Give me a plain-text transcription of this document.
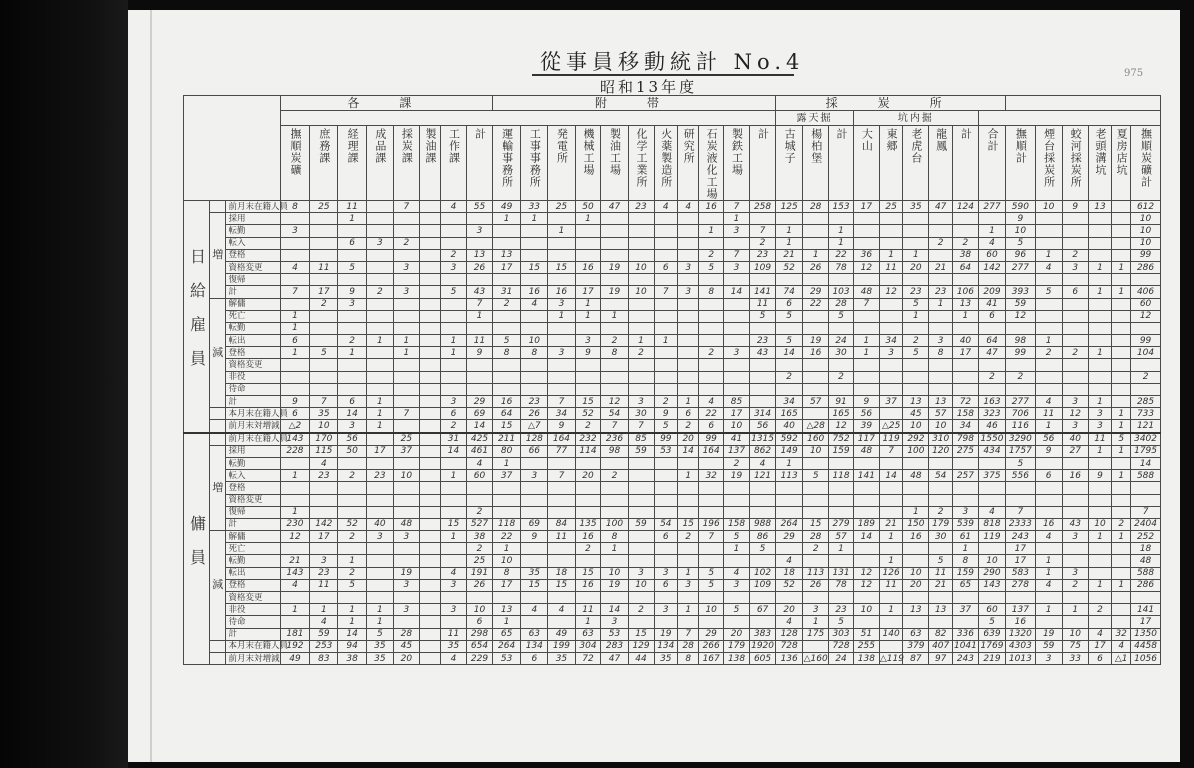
從事員移動統計 No.4
昭和13年度
975
			各　課								附　帯											採　炭　所														
																						露天掘			坑内掘											

			撫順炭礦	庶務課	経理課	成品課	採炭課	製油課	工作課	計	運輸事務所	工事事務所	発電所	機械工場	製油工場	化学工業所	火薬製造所	研究所	石炭液化工場	製鉄工場	計	古城子	楊柏堡	計	大山	東郷	老虎台	龍鳳	計	合計	撫順計	煙台採炭所	蛟河採炭所	老頭溝坑	夏房店坑	撫順炭礦計

日給雇員		前月末在籍人員	8	25	11		7		4	55	49	33	25	50	47	23	4	4	16	7	258	125	28	153	17	25	35	47	124	277	590	10	9	13		612
	増	採用			1						1	1		1						1											9					10
		転勤	3							3			1						1	3	7	1		1						1	10					10
		転入			6	3	2														2	1		1				2	2	4	5					10
		登格							2	13	13								2	7	23	21	1	22	36	1	1		38	60	96	1	2			99
		資格変更	4	11	5		3		3	26	17	15	15	16	19	10	6	3	5	3	109	52	26	78	12	11	20	21	64	142	277	4	3	1	1	286
		復帰																																		
		計	7	17	9	2	3		5	43	31	16	16	17	19	10	7	3	8	14	141	74	29	103	48	12	23	23	106	209	393	5	6	1	1	406
	減	解傭		2	3					7	2	4	3	1							11	6	22	28	7		5	1	13	41	59					60
		死亡	1							1			1	1	1						5	5		5			1		1	6	12					12
		転勤	1																																	
		転出	6		2	1	1		1	11	5	10		3	2	1	1				23	5	19	24	1	34	2	3	40	64	98	1				99
		登格	1	5	1		1		1	9	8	8	3	9	8	2			2	3	43	14	16	30	1	3	5	8	17	47	99	2	2	1		104
		資格変更																																		
		非役																				2		2						2	2					2
		待命																																		
		計	9	7	6	1			3	29	16	23	7	15	12	3	2	1	4	85		34	57	91	9	37	13	13	72	163	277	4	3	1		285
		本月末在籍人員	6	35	14	1	7		6	69	64	26	34	52	54	30	9	6	22	17	314	165		165	56		45	57	158	323	706	11	12	3	1	733
		前月末対増減	△2	10	3	1			2	14	15	△7	9	2	7	7	5	2	6	10	56	40	△28	12	39	△25	10	10	34	46	116	1	3	3	1	121
傭員		前月末在籍人員	143	170	56		25		31	425	211	128	164	232	236	85	99	20	99	41	1315	592	160	752	117	119	292	310	798	1550	3290	56	40	11	5	3402
	増	採用	228	115	50	17	37		14	461	80	66	77	114	98	59	53	14	164	137	862	149	10	159	48	7	100	120	275	434	1757	9	27	1	1	1795
		転勤		4						4	1									2	4	1									5					14
		転入	1	23	2	23	10		1	60	37	3	7	20	2			1	32	19	121	113	5	118	141	14	48	54	257	375	556	6	16	9	1	588
		登格																																		
		資格変更																																		
		復帰	1							2																	1	2	3	4	7					7
		計	230	142	52	40	48		15	527	118	69	84	135	100	59	54	15	196	158	988	264	15	279	189	21	150	179	539	818	2333	16	43	10	2	2404
	減	解傭	12	17	2	3	3		1	38	22	9	11	16	8		6	2	7	5	86	29	28	57	14	1	16	30	61	119	243	4	3	1	1	252
		死亡								2	1			2	1					1	5		2	1					1		17					18
		転勤	21	3	1					25	10											4				1		5	8	10	17	1				48
		転出	143	23	2		19		4	191	8	35	18	15	10	3	3	1	5	4	102	18	113	131	12	126	10	11	159	290	583	1	3			588
		登格	4	11	5		3		3	26	17	15	15	16	19	10	6	3	5	3	109	52	26	78	12	11	20	21	65	143	278	4	2	1	1	286
		資格変更																																		
		非役	1	1	1	1	3		3	10	13	4	4	11	14	2	3	1	10	5	67	20	3	23	10	1	13	13	37	60	137	1	1	2		141
		待命		4	1	1				6	1			1	3							4	1	5						5	16					17
		計	181	59	14	5	28		11	298	65	63	49	63	53	15	19	7	29	20	383	128	175	303	51	140	63	82	336	639	1320	19	10	4	32	1350
		本月末在籍人員	192	253	94	35	45		35	654	264	134	199	304	283	129	134	28	266	179	1920	728		728	255		379	407	1041	1769	4303	59	75	17	4	4458
		前月末対増減	49	83	38	35	20		4	229	53	6	35	72	47	44	35	8	167	138	605	136	△160	24	138	△119	87	97	243	219	1013	3	33	6	△1	1056
